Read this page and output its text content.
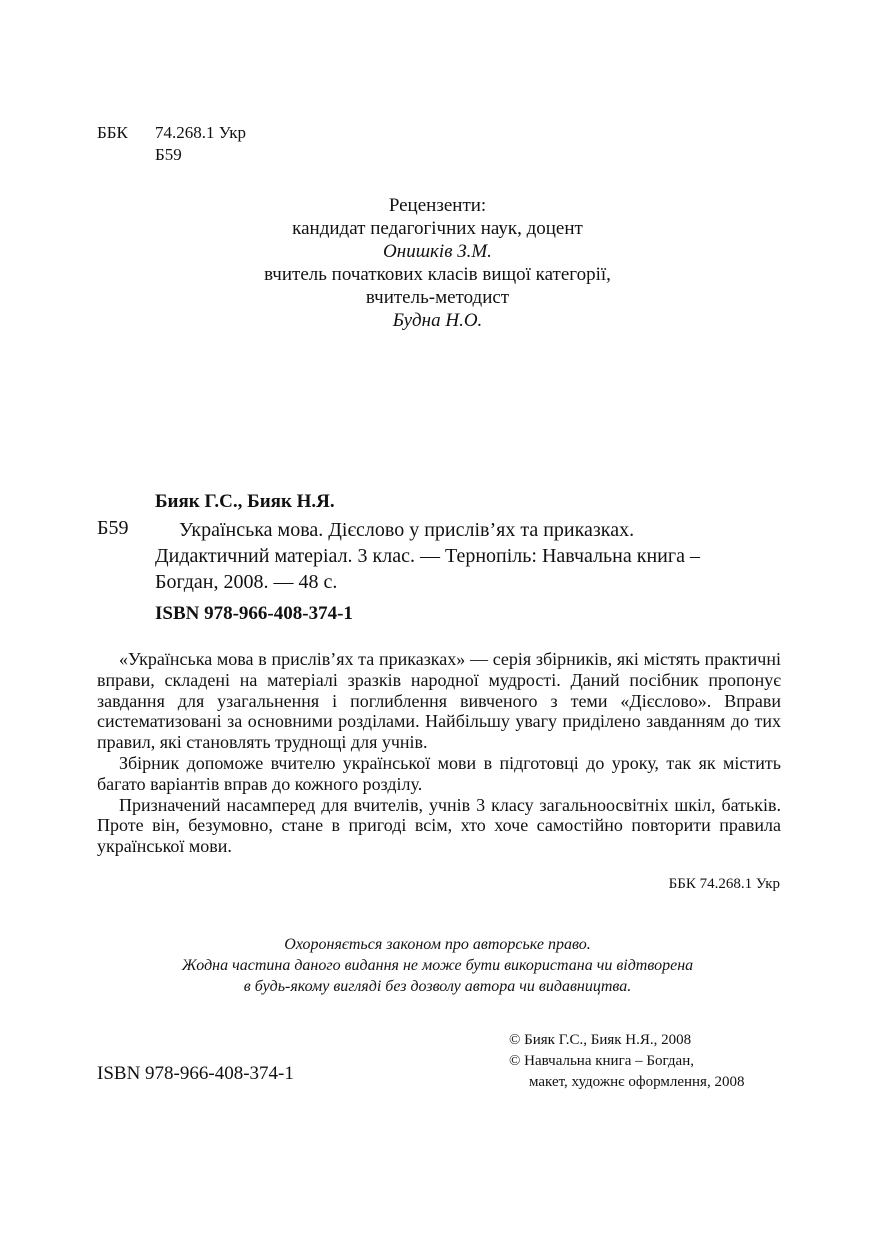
ББК	74.268.1 Укр
Б59
Рецензенти:
кандидат педагогічних наук, доцент
Онишків З.М.
вчитель початкових класів вищої категорії,
вчитель-методист
Будна Н.О.
Бияк Г.С., Бияк Н.Я.
Б59	Українська мова. Дієслово у прислів’ях та приказках.
Дидактичний матеріал. 3 клас. — Тернопіль: Навчальна книга –
Богдан, 2008. — 48 с.
ISBN 978-966-408-374-1

«Українська мова в прислів’ях та приказках» — серія збірників, які містять практичні вправи, складені на матеріалі зразків народної мудрості. Даний посібник пропонує завдання для узагальнення і поглиблення вивченого з теми «Дієслово». Вправи систематизовані за основними розділами. Найбільшу увагу приділено завданням до тих правил, які становлять труднощі для учнів.

Збірник допоможе вчителю української мови в підготовці до уроку, так як містить багато варіантів вправ до кожного розділу.

Призначений насамперед для вчителів, учнів 3 класу загальноосвітніх шкіл, батьків. Проте він, безумовно, стане в пригоді всім, хто хоче самостійно повторити правила української мови.

ББК 74.268.1 Укр
Охороняється законом про авторське право.
Жодна частина даного видання не може бути використана чи відтворена
в будь-якому вигляді без дозволу автора чи видавництва.
© Бияк Г.С., Бияк Н.Я., 2008
© Навчальна книга – Богдан,
макет, художнє оформлення, 2008
ISBN 978-966-408-374-1
